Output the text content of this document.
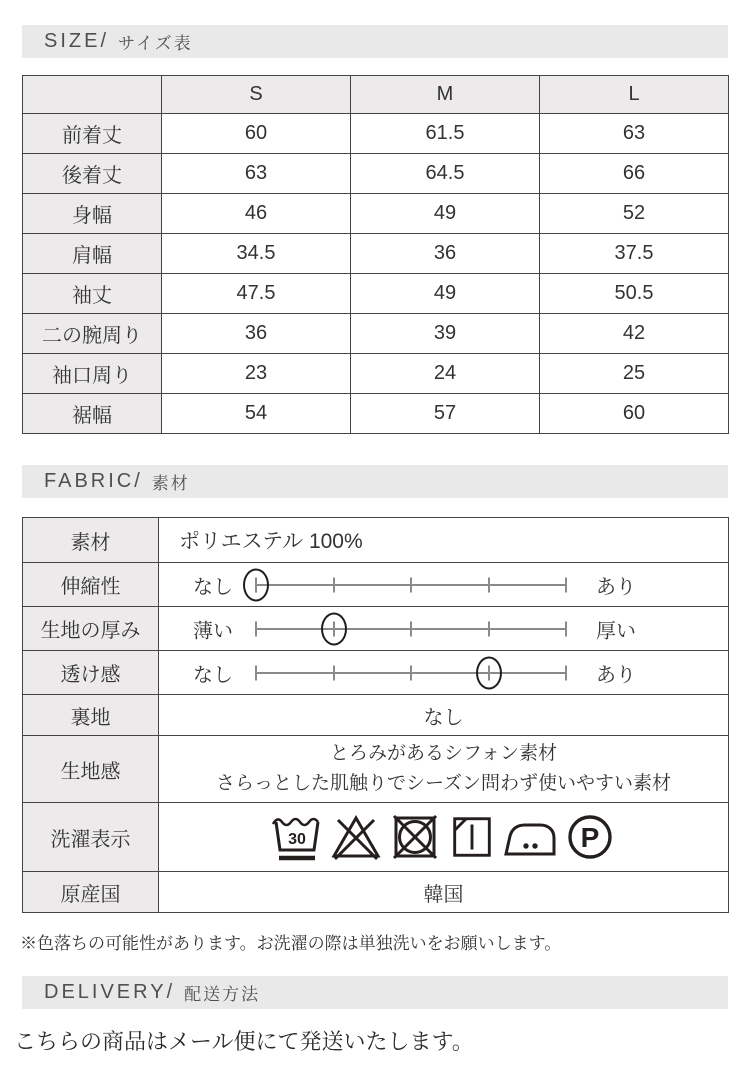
SIZE/ サイズ表
	S	M	L
前着丈	60	61.5	63
後着丈	63	64.5	66
身幅	46	49	52
肩幅	34.5	36	37.5
袖丈	47.5	49	50.5
二の腕周り	36	39	42
袖口周り	23	24	25
裾幅	54	57	60
FABRIC/ 素材
素材	ポリエステル 100%
伸縮性	なし あり

生地の厚み	薄い 厚い

透け感	なし あり

裏地	なし
生地感	とろみがあるシフォン素材
さらっとした肌触りでシーズン問わず使いやすい素材

洗濯表示	30 P

原産国	韓国
※色落ちの可能性があります。お洗濯の際は単独洗いをお願いします。
DELIVERY/ 配送方法
こちらの商品はメール便にて発送いたします。
